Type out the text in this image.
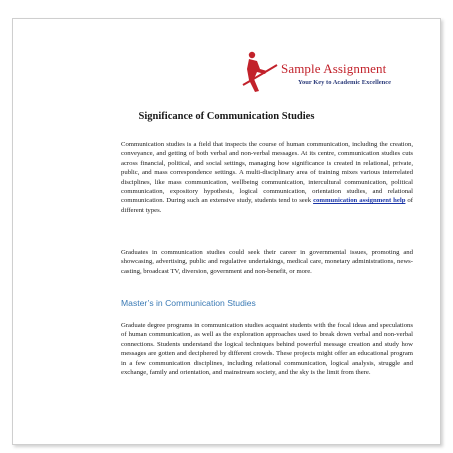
Sample Assignment
Your Key to Academic Excellence
Significance of Communication Studies
Communication studies is a field that inspects the course of human communication, including the creation, conveyance, and getting of both verbal and non-verbal messages. At its centre, communication studies cuts across financial, political, and social settings, managing how significance is created in relational, private, public, and mass correspondence settings. A multi-disciplinary area of training mixes various interrelated disciplines, like mass communication, wellbeing communication, intercultural communication, political communication, expository hypothesis, logical communication, orientation studies, and relational communication. During such an extensive study, students tend to seek communication assignment help of different types.
Graduates in communication studies could seek their career in governmental issues, promoting and showcasing, advertising, public and regulative undertakings, medical care, monetary administrations, news-casting, broadcast TV, diversion, government and non-benefit, or more.
Master’s in Communication Studies
Graduate degree programs in communication studies acquaint students with the focal ideas and speculations of human communication, as well as the exploration approaches used to break down verbal and non-verbal connections. Students understand the logical techniques behind powerful message creation and study how messages are gotten and deciphered by different crowds. These projects might offer an educational program in a few communication disciplines, including relational communication, logical analysis, struggle and exchange, family and orientation, and mainstream society, and the sky is the limit from there.
